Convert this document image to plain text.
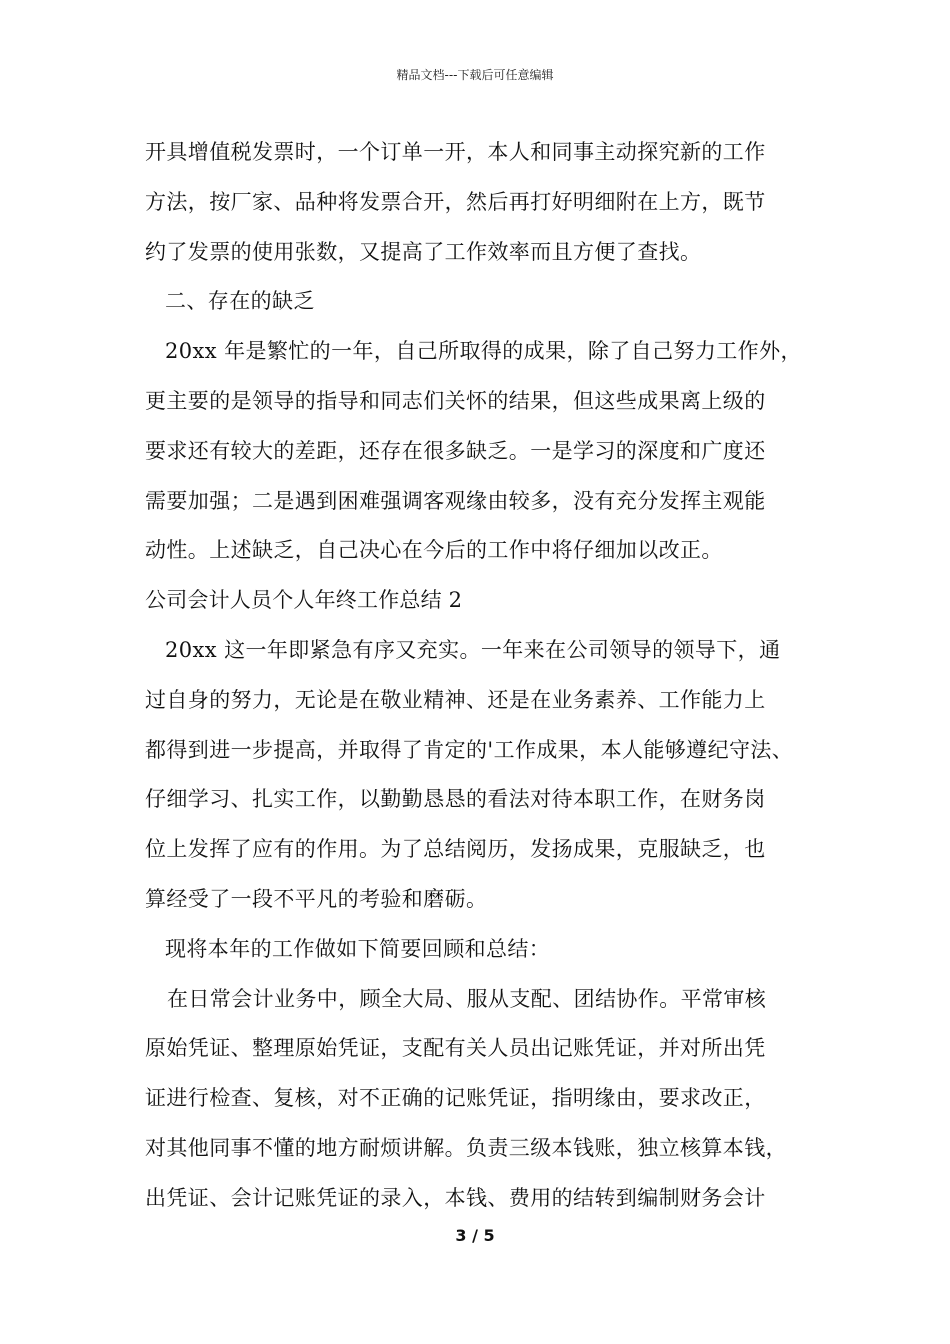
精品文档---下载后可任意编辑
开具增值税发票时，一个订单一开，本人和同事主动探究新的工作
方法，按厂家、品种将发票合开，然后再打好明细附在上方，既节
约了发票的使用张数，又提高了工作效率而且方便了查找。
二、存在的缺乏
20xx 年是繁忙的一年，自己所取得的成果，除了自己努力工作外，
更主要的是领导的指导和同志们关怀的结果，但这些成果离上级的
要求还有较大的差距，还存在很多缺乏。一是学习的深度和广度还
需要加强；二是遇到困难强调客观缘由较多，没有充分发挥主观能
动性。上述缺乏，自己决心在今后的工作中将仔细加以改正。
公司会计人员个人年终工作总结 2
20xx 这一年即紧急有序又充实。一年来在公司领导的领导下，通
过自身的努力，无论是在敬业精神、还是在业务素养、工作能力上
都得到进一步提高，并取得了肯定的'工作成果，本人能够遵纪守法、
仔细学习、扎实工作，以勤勤恳恳的看法对待本职工作，在财务岗
位上发挥了应有的作用。为了总结阅历，发扬成果，克服缺乏，也
算经受了一段不平凡的考验和磨砺。
现将本年的工作做如下简要回顾和总结：
在日常会计业务中，顾全大局、服从支配、团结协作。平常审核
原始凭证、整理原始凭证，支配有关人员出记账凭证，并对所出凭
证进行检查、复核，对不正确的记账凭证，指明缘由，要求改正，
对其他同事不懂的地方耐烦讲解。负责三级本钱账，独立核算本钱，
出凭证、会计记账凭证的录入，本钱、费用的结转到编制财务会计
3 / 5
